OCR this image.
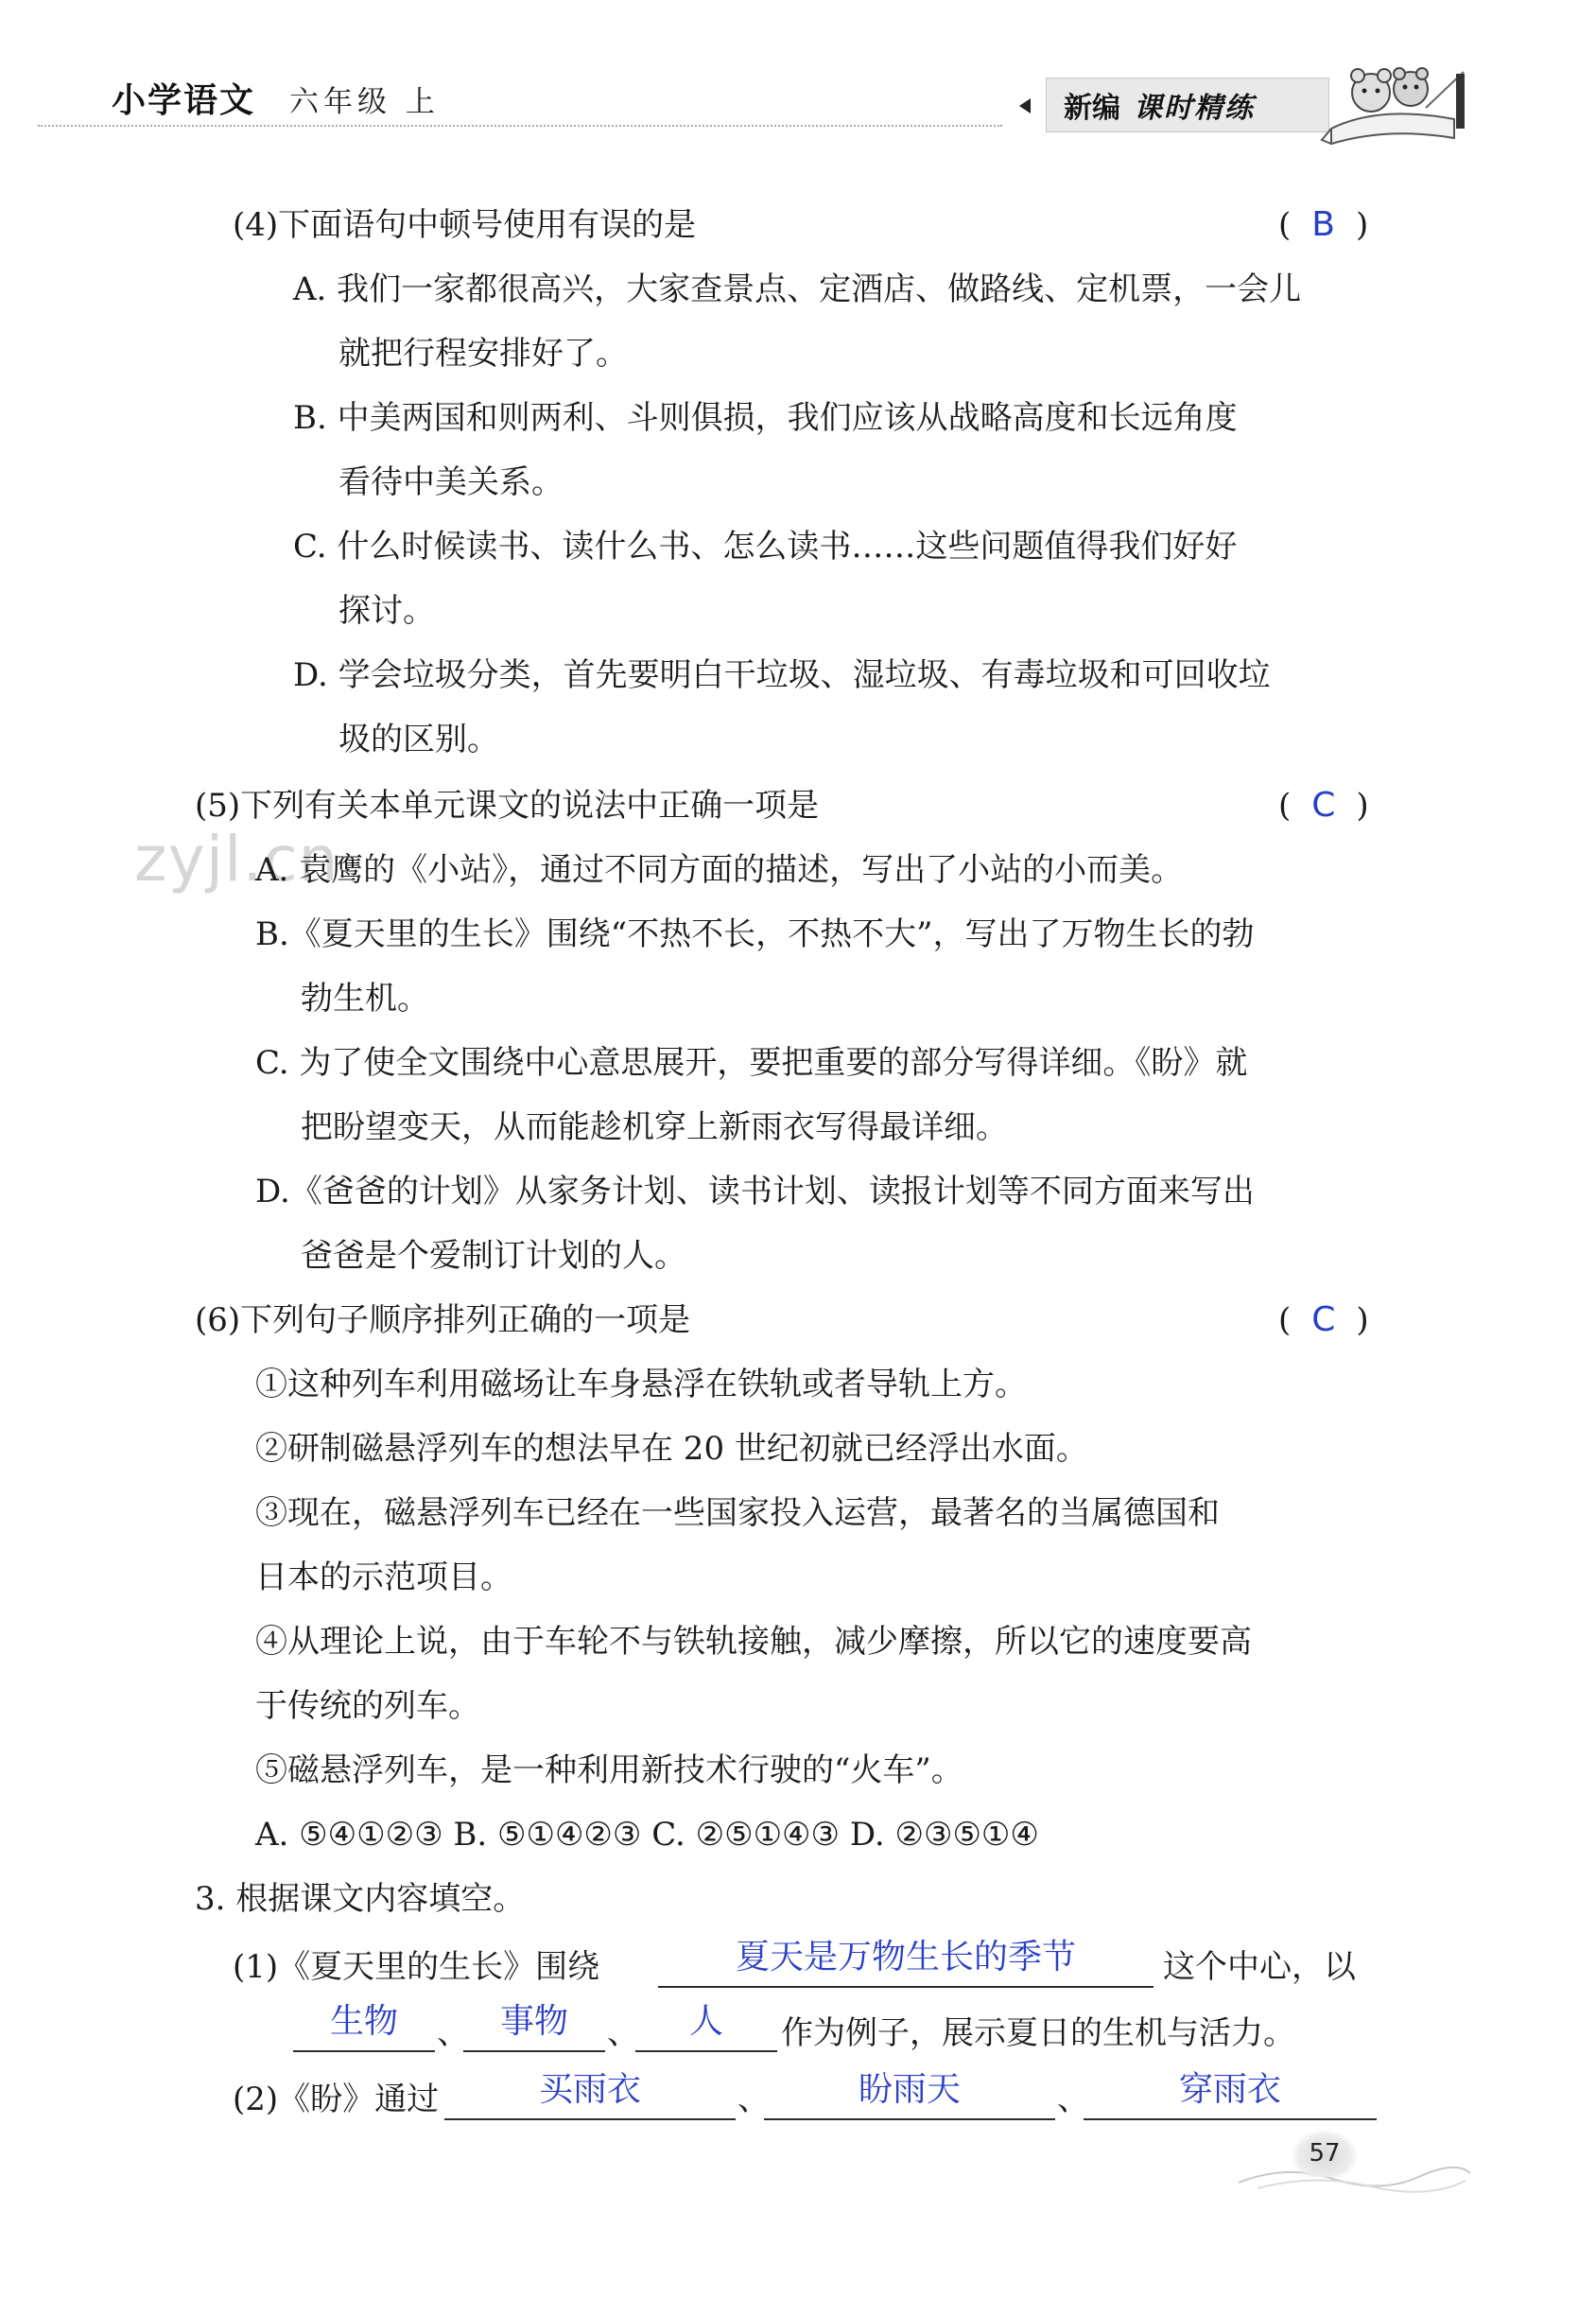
小学语文 六年级 上	新编 课时精练
zyjl.cn
(4)下面语句中顿号使用有误的是	( B )
A. 我们一家都很高兴，大家查景点、定酒店、做路线、定机票，一会儿
就把行程安排好了。
B. 中美两国和则两利、斗则俱损，我们应该从战略高度和长远角度
看待中美关系。
C. 什么时候读书、读什么书、怎么读书……这些问题值得我们好好
探讨。
D. 学会垃圾分类，首先要明白干垃圾、湿垃圾、有毒垃圾和可回收垃
圾的区别。
(5)下列有关本单元课文的说法中正确一项是	( C )
A. 袁鹰的《小站》，通过不同方面的描述，写出了小站的小而美。
B.《夏天里的生长》围绕“不热不长，不热不大”，写出了万物生长的勃
勃生机。
C. 为了使全文围绕中心意思展开，要把重要的部分写得详细。《盼》就
把盼望变天，从而能趁机穿上新雨衣写得最详细。
D.《爸爸的计划》从家务计划、读书计划、读报计划等不同方面来写出
爸爸是个爱制订计划的人。
(6)下列句子顺序排列正确的一项是	( C )
①这种列车利用磁场让车身悬浮在铁轨或者导轨上方。
②研制磁悬浮列车的想法早在 20 世纪初就已经浮出水面。
③现在，磁悬浮列车已经在一些国家投入运营，最著名的当属德国和
日本的示范项目。
④从理论上说，由于车轮不与铁轨接触，减少摩擦，所以它的速度要高
于传统的列车。
⑤磁悬浮列车，是一种利用新技术行驶的“火车”。
A. ⑤④①②③ B. ⑤①④②③ C. ②⑤①④③ D. ②③⑤①④
3. 根据课文内容填空。
(1)《夏天里的生长》围绕	夏天是万物生长的季节	这个中心，以
生物	、 事物	、	人	作为例子，展示夏日的生机与活力。
(2)《盼》通过	买雨衣	、	盼雨天	、	穿雨衣
57
